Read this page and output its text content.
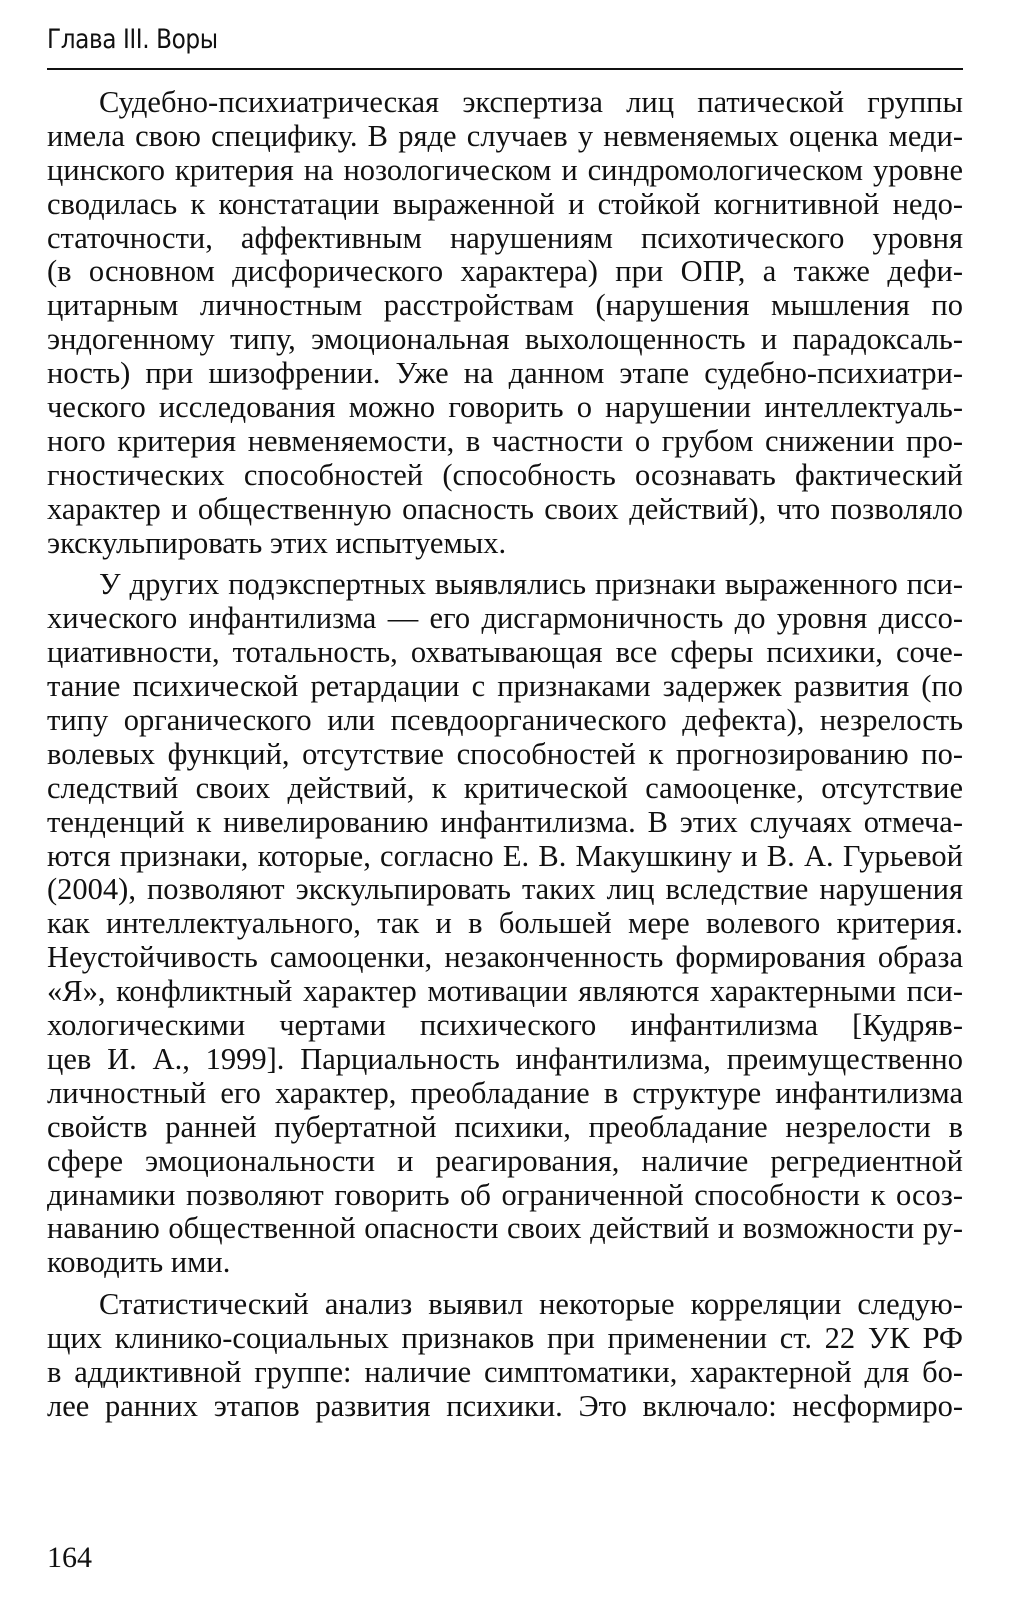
Глава III. Воры
Судебно-психиатрическая экспертиза лиц патической группы
имела свою специфику. В ряде случаев у невменяемых оценка меди-
цинского критерия на нозологическом и синдромологическом уровне
сводилась к констатации выраженной и стойкой когнитивной недо-
статочности, аффективным нарушениям психотического уровня
(в основном дисфорического характера) при ОПР, а также дефи-
цитарным личностным расстройствам (нарушения мышления по
эндогенному типу, эмоциональная выхолощенность и парадоксаль-
ность) при шизофрении. Уже на данном этапе судебно-психиатри-
ческого исследования можно говорить о нарушении интеллектуаль-
ного критерия невменяемости, в частности о грубом снижении про-
гностических способностей (способность осознавать фактический
характер и общественную опасность своих действий), что позволяло
экскульпировать этих испытуемых.
У других подэкспертных выявлялись признаки выраженного пси-
хического инфантилизма — его дисгармоничность до уровня диссо-
циативности, тотальность, охватывающая все сферы психики, соче-
тание психической ретардации с признаками задержек развития (по
типу органического или псевдоорганического дефекта), незрелость
волевых функций, отсутствие способностей к прогнозированию по-
следствий своих действий, к критической самооценке, отсутствие
тенденций к нивелированию инфантилизма. В этих случаях отмеча-
ются признаки, которые, согласно Е. В. Макушкину и В. А. Гурьевой
(2004), позволяют экскульпировать таких лиц вследствие нарушения
как интеллектуального, так и в большей мере волевого критерия.
Неустойчивость самооценки, незаконченность формирования образа
«Я», конфликтный характер мотивации являются характерными пси-
хологическими чертами психического инфантилизма [Кудряв-
цев И. А., 1999]. Парциальность инфантилизма, преимущественно
личностный его характер, преобладание в структуре инфантилизма
свойств ранней пубертатной психики, преобладание незрелости в
сфере эмоциональности и реагирования, наличие регредиентной
динамики позволяют говорить об ограниченной способности к осоз-
наванию общественной опасности своих действий и возможности ру-
ководить ими.
Статистический анализ выявил некоторые корреляции следую-
щих клинико-социальных признаков при применении ст. 22 УК РФ
в аддиктивной группе: наличие симптоматики, характерной для бо-
лее ранних этапов развития психики. Это включало: несформиро-
164
